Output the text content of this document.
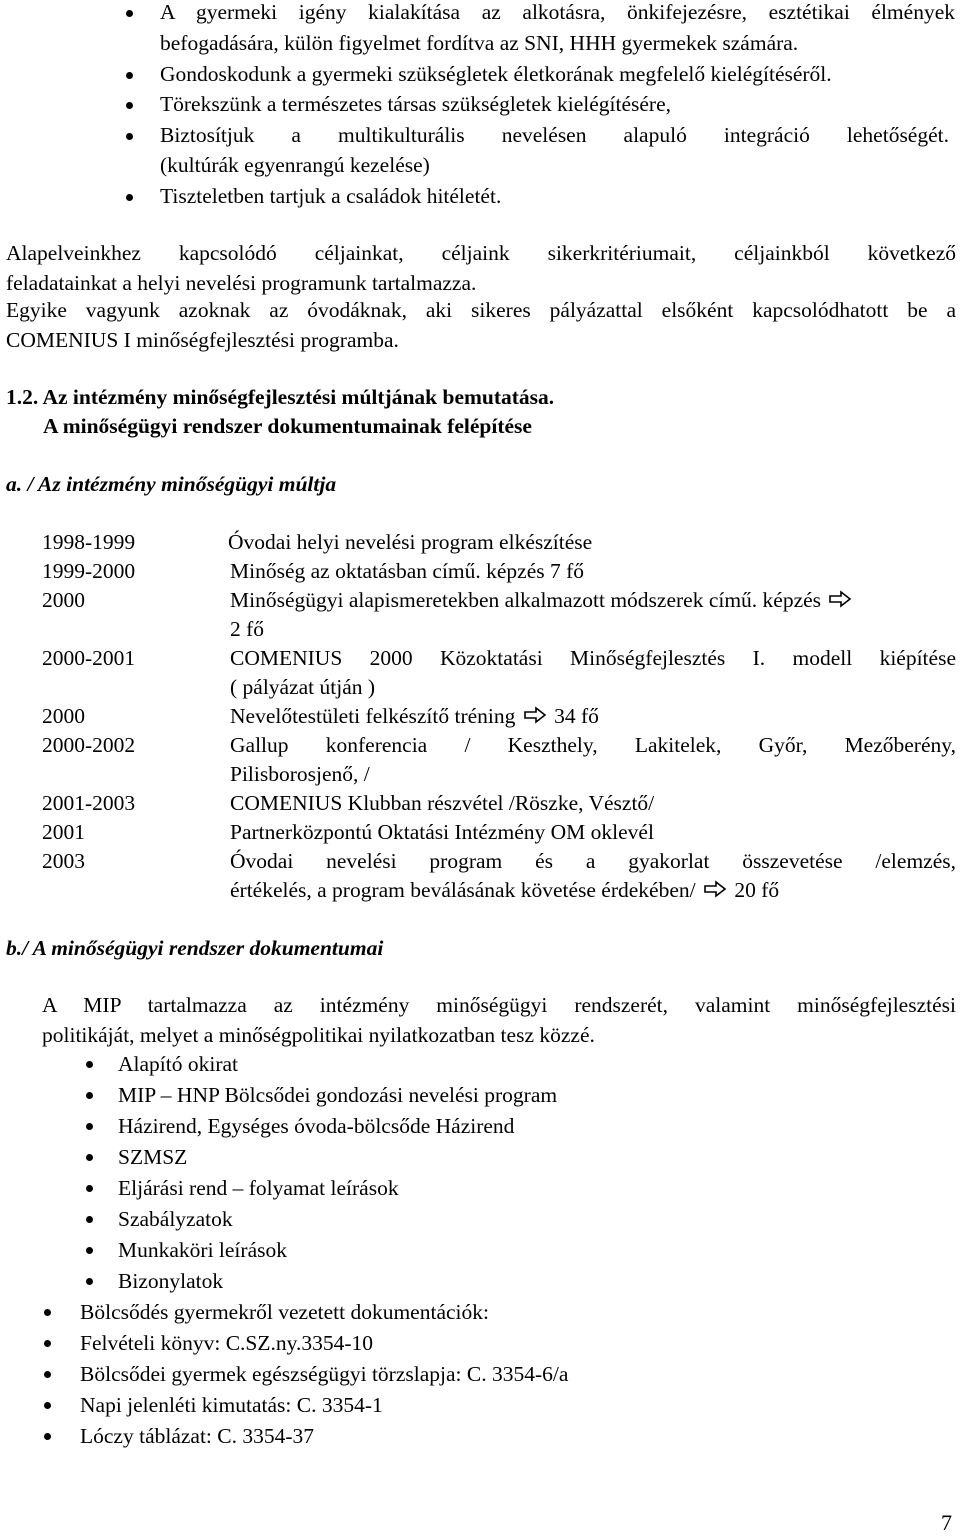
A gyermeki igény kialakítása az alkotásra, önkifejezésre, esztétikai élmények
befogadására, külön figyelmet fordítva az SNI, HHH gyermekek számára.
Gondoskodunk a gyermeki szükségletek életkorának megfelelő kielégítéséről.
Törekszünk a természetes társas szükségletek kielégítésére,
Biztosítjuk a multikulturális nevelésen alapuló integráció lehetőségét.
(kultúrák egyenrangú kezelése)
Tiszteletben tartjuk a családok hitéletét.
Alapelveinkhez kapcsolódó céljainkat, céljaink sikerkritériumait, céljainkból következő
feladatainkat a helyi nevelési programunk tartalmazza.
Egyike vagyunk azoknak az óvodáknak, aki sikeres pályázattal elsőként kapcsolódhatott be a
COMENIUS I minőségfejlesztési programba.
1.2. Az intézmény minőségfejlesztési múltjának bemutatása.
A minőségügyi rendszer dokumentumainak felépítése
a. / Az intézmény minőségügyi múltja
1998-1999	Óvodai helyi nevelési program elkészítése
1999-2000	Minőség az oktatásban című. képzés 7 fő
2000	Minőségügyi alapismeretekben alkalmazott módszerek című. képzés
2 fő
2000-2001	COMENIUS 2000 Közoktatási Minőségfejlesztés I. modell kiépítése
( pályázat útján )
2000	Nevelőtestületi felkészítő tréning 34 fő
2000-2002	Gallup konferencia / Keszthely, Lakitelek, Győr, Mezőberény,
Pilisborosjenő, /
2001-2003	COMENIUS Klubban részvétel /Röszke, Vésztő/
2001	Partnerközpontú Oktatási Intézmény OM oklevél
2003	Óvodai nevelési program és a gyakorlat összevetése /elemzés,
értékelés, a program beválásának követése érdekében/ 20 fő
b./ A minőségügyi rendszer dokumentumai
A MIP tartalmazza az intézmény minőségügyi rendszerét, valamint minőségfejlesztési
politikáját, melyet a minőségpolitikai nyilatkozatban tesz közzé.
Alapító okirat
MIP – HNP Bölcsődei gondozási nevelési program
Házirend, Egységes óvoda-bölcsőde Házirend
SZMSZ
Eljárási rend – folyamat leírások
Szabályzatok
Munkaköri leírások
Bizonylatok
Bölcsődés gyermekről vezetett dokumentációk:
Felvételi könyv: C.SZ.ny.3354-10
Bölcsődei gyermek egészségügyi törzslapja: C. 3354-6/a
Napi jelenléti kimutatás: C. 3354-1
Lóczy táblázat: C. 3354-37
7
